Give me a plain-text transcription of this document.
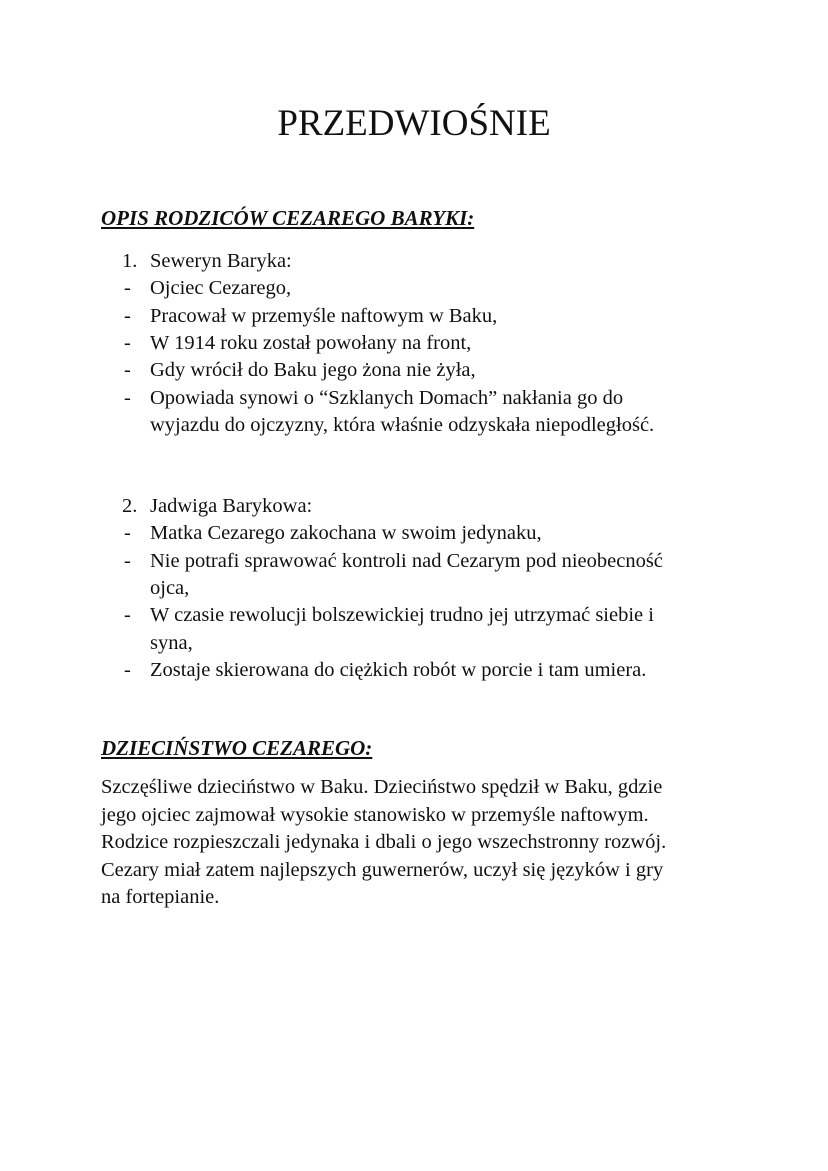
PRZEDWIOŚNIE
OPIS RODZICÓW CEZAREGO BARYKI:
1. Seweryn Baryka:
- Ojciec Cezarego,
- Pracował w przemyśle naftowym w Baku,
- W 1914 roku został powołany na front,
- Gdy wrócił do Baku jego żona nie żyła,
- Opowiada synowi o “Szklanych Domach” nakłania go do
wyjazdu do ojczyzny, która właśnie odzyskała niepodległość.
2. Jadwiga Barykowa:
- Matka Cezarego zakochana w swoim jedynaku,
- Nie potrafi sprawować kontroli nad Cezarym pod nieobecność
ojca,
- W czasie rewolucji bolszewickiej trudno jej utrzymać siebie i
syna,
- Zostaje skierowana do ciężkich robót w porcie i tam umiera.
DZIECIŃSTWO CEZAREGO:
Szczęśliwe dzieciństwo w Baku. Dzieciństwo spędził w Baku, gdzie
jego ojciec zajmował wysokie stanowisko w przemyśle naftowym.
Rodzice rozpieszczali jedynaka i dbali o jego wszechstronny rozwój.
Cezary miał zatem najlepszych guwernerów, uczył się języków i gry
na fortepianie.
